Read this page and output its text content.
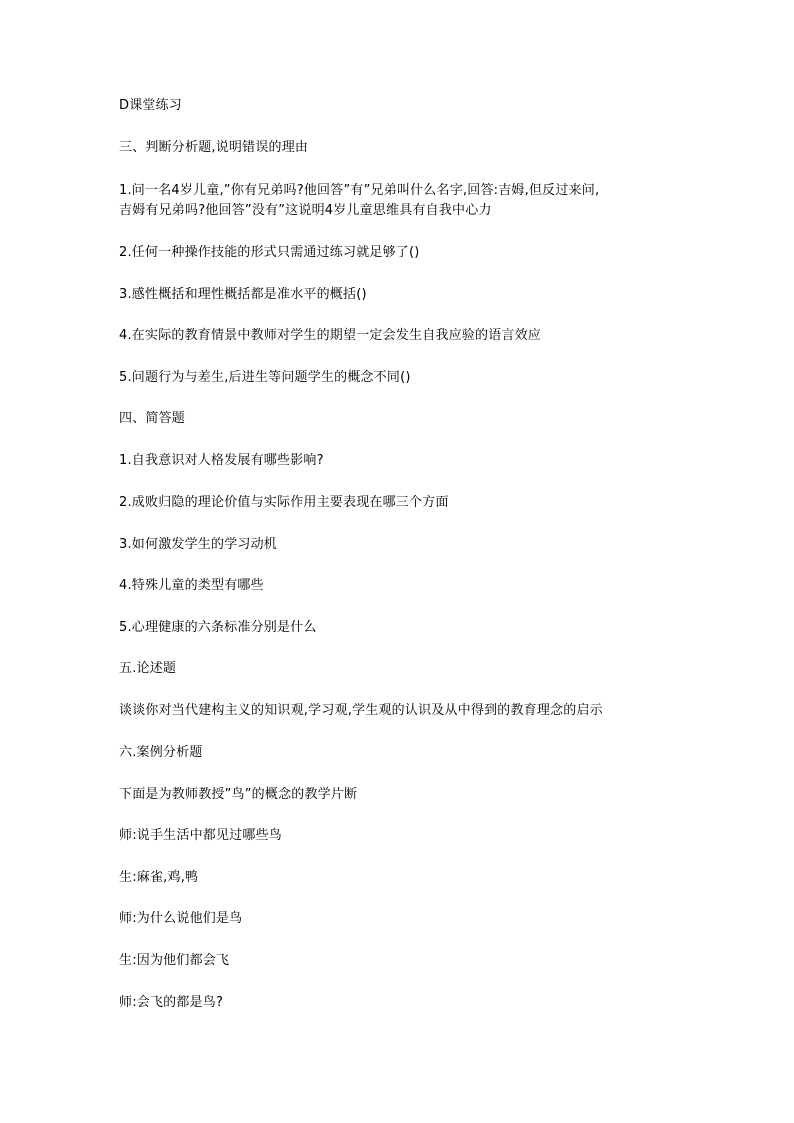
D课堂练习
三、判断分析题,说明错误的理由
1.问一名4岁儿童,”你有兄弟吗?他回答”有”兄弟叫什么名字,回答:吉姆,但反过来问,
吉姆有兄弟吗?他回答”没有”这说明4岁儿童思维具有自我中心力
2.任何一种操作技能的形式只需通过练习就足够了()
3.感性概括和理性概括都是准水平的概括()
4.在实际的教育情景中教师对学生的期望一定会发生自我应验的语言效应
5.问题行为与差生,后进生等问题学生的概念不同()
四、简答题
1.自我意识对人格发展有哪些影响?
2.成败归隐的理论价值与实际作用主要表现在哪三个方面
3.如何激发学生的学习动机
4.特殊儿童的类型有哪些
5.心理健康的六条标准分别是什么
五.论述题
谈谈你对当代建构主义的知识观,学习观,学生观的认识及从中得到的教育理念的启示
六.案例分析题
下面是为教师教授”鸟”的概念的教学片断
师:说手生活中都见过哪些鸟
生:麻雀,鸡,鸭
师:为什么说他们是鸟
生:因为他们都会飞
师:会飞的都是鸟?
